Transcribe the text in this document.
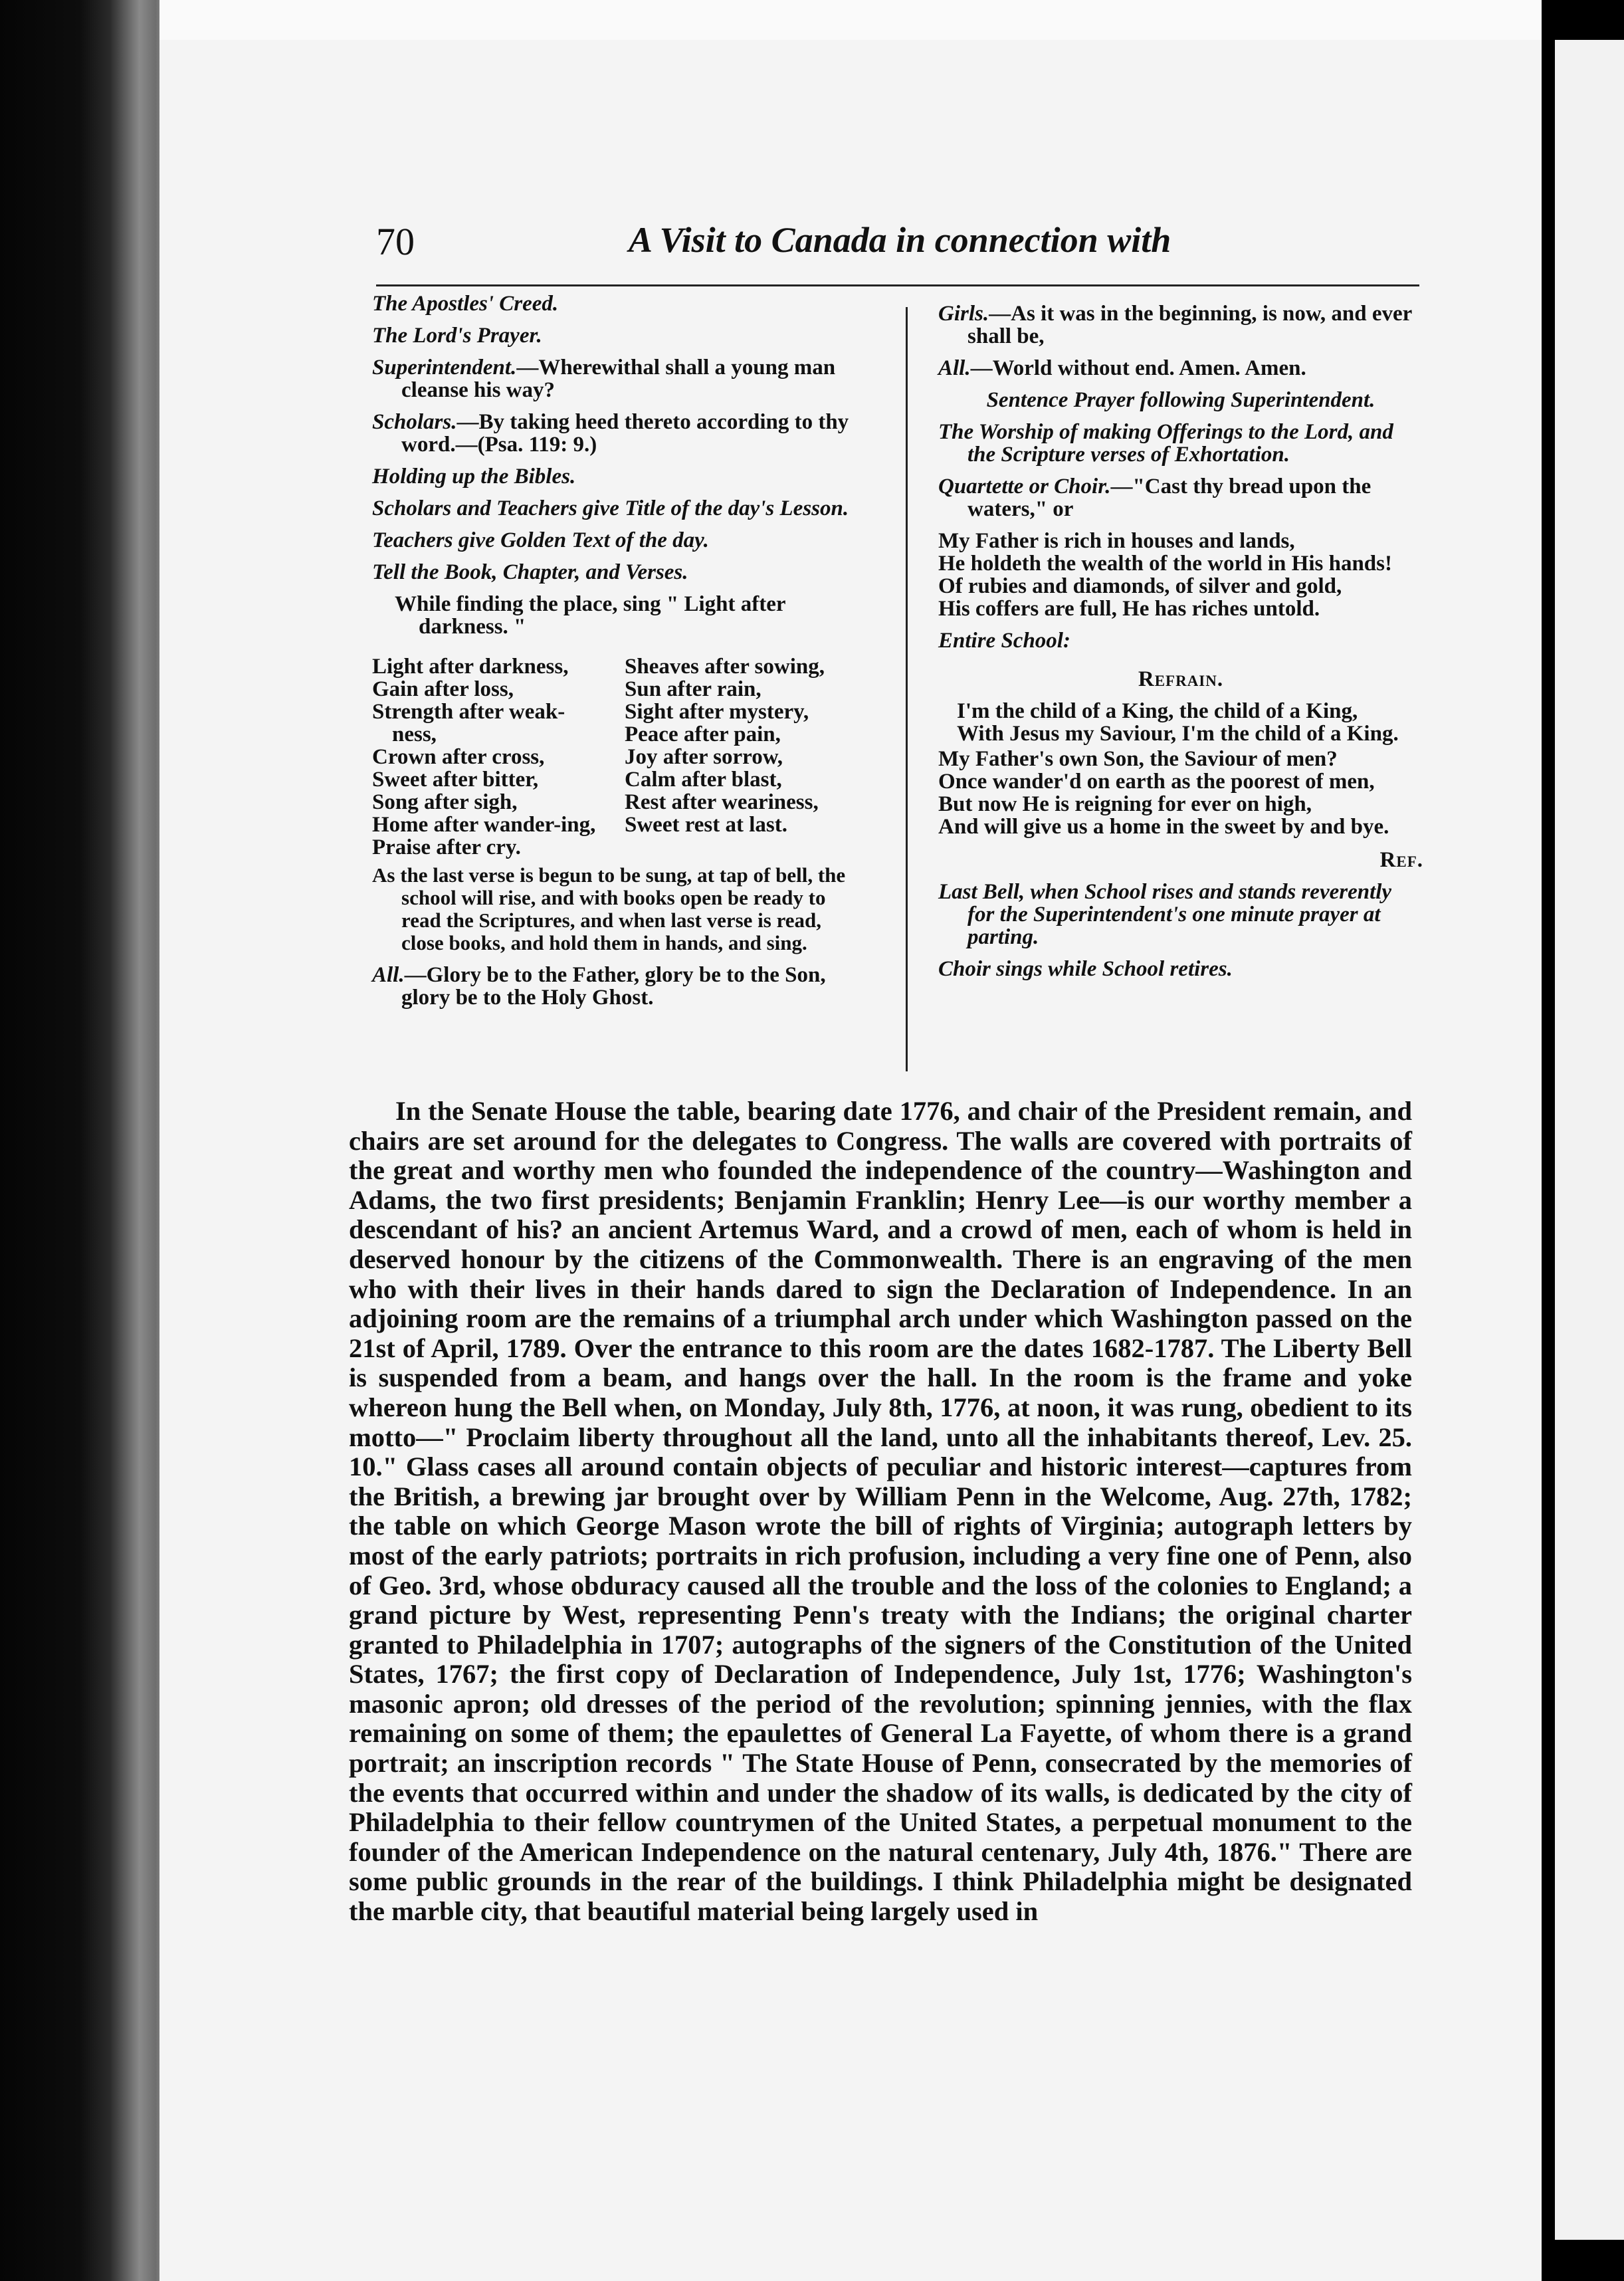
70	A Visit to Canada in connection with

The Apostles' Creed.

The Lord's Prayer.

Superintendent.—Wherewithal shall a young man cleanse his way?

Scholars.—By taking heed thereto according to thy word.—(Psa. 119: 9.)

Holding up the Bibles.

Scholars and Teachers give Title of the day's Lesson.

Teachers give Golden Text of the day.

Tell the Book, Chapter, and Verses.

While finding the place, sing " Light after darkness. "

Light after darkness,
Gain after loss,
Strength after weak-ness,
Crown after cross,
Sweet after bitter,
Song after sigh,
Home after wander-ing,
Praise after cry.
Sheaves after sowing,
Sun after rain,
Sight after mystery,
Peace after pain,
Joy after sorrow,
Calm after blast,
Rest after weariness,
Sweet rest at last.

As the last verse is begun to be sung, at tap of bell, the school will rise, and with books open be ready to read the Scriptures, and when last verse is read, close books, and hold them in hands, and sing.

All.—Glory be to the Father, glory be to the Son, glory be to the Holy Ghost.

Girls.—As it was in the beginning, is now, and ever shall be,

All.—World without end. Amen. Amen.

Sentence Prayer following Superintendent.

The Worship of making Offerings to the Lord, and the Scripture verses of Exhortation.

Quartette or Choir.—"Cast thy bread upon the waters," or

My Father is rich in houses and lands,
He holdeth the wealth of the world in His hands!
Of rubies and diamonds, of silver and gold,
His coffers are full, He has riches untold.

Entire School:

Refrain.

I'm the child of a King, the child of a King,
With Jesus my Saviour, I'm the child of a King.
My Father's own Son, the Saviour of men?
Once wander'd on earth as the poorest of men,
But now He is reigning for ever on high,
And will give us a home in the sweet by and bye.

Ref.

Last Bell, when School rises and stands reverently for the Superintendent's one minute prayer at parting.

Choir sings while School retires.

In the Senate House the table, bearing date 1776, and chair of the President remain, and chairs are set around for the delegates to Congress. The walls are covered with portraits of the great and worthy men who founded the independence of the country—Washington and Adams, the two first presidents; Benjamin Franklin; Henry Lee—is our worthy member a descendant of his? an ancient Artemus Ward, and a crowd of men, each of whom is held in deserved honour by the citizens of the Commonwealth. There is an engraving of the men who with their lives in their hands dared to sign the Declaration of Independence. In an adjoining room are the remains of a triumphal arch under which Washington passed on the 21st of April, 1789. Over the entrance to this room are the dates 1682-1787. The Liberty Bell is suspended from a beam, and hangs over the hall. In the room is the frame and yoke whereon hung the Bell when, on Monday, July 8th, 1776, at noon, it was rung, obedient to its motto—" Proclaim liberty throughout all the land, unto all the inhabitants thereof, Lev. 25. 10." Glass cases all around contain objects of peculiar and historic interest—captures from the British, a brewing jar brought over by William Penn in the Welcome, Aug. 27th, 1782; the table on which George Mason wrote the bill of rights of Virginia; autograph letters by most of the early patriots; portraits in rich profusion, including a very fine one of Penn, also of Geo. 3rd, whose obduracy caused all the trouble and the loss of the colonies to England; a grand picture by West, representing Penn's treaty with the Indians; the original charter granted to Philadelphia in 1707; autographs of the signers of the Constitution of the United States, 1767; the first copy of Declaration of Independence, July 1st, 1776; Washington's masonic apron; old dresses of the period of the revolution; spinning jennies, with the flax remaining on some of them; the epaulettes of General La Fayette, of whom there is a grand portrait; an inscription records " The State House of Penn, consecrated by the memories of the events that occurred within and under the shadow of its walls, is dedicated by the city of Philadelphia to their fellow countrymen of the United States, a perpetual monument to the founder of the American Independence on the natural centenary, July 4th, 1876." There are some public grounds in the rear of the buildings. I think Philadelphia might be designated the marble city, that beautiful material being largely used in
